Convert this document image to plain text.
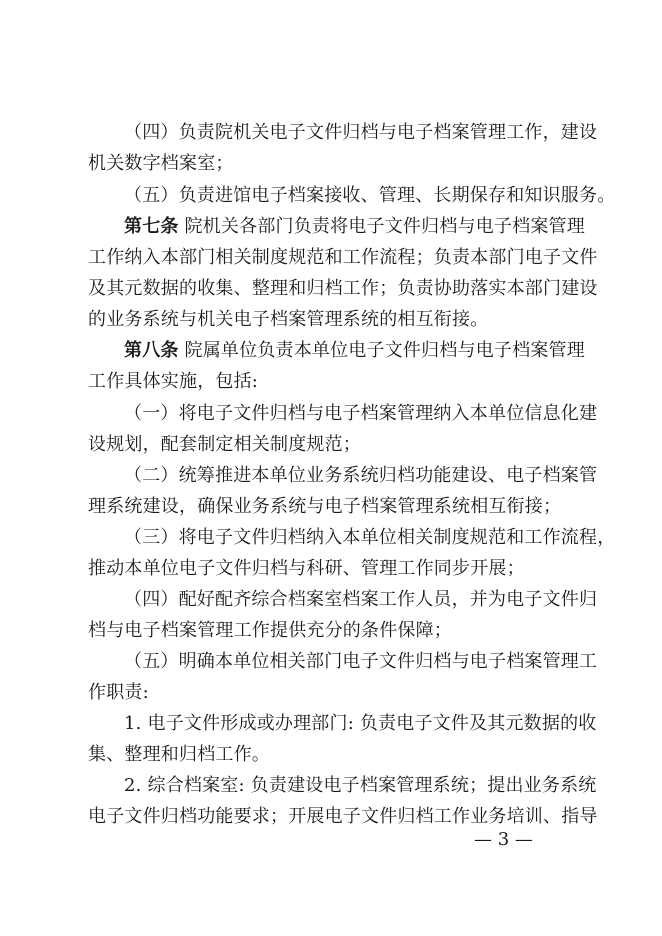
（四）负责院机关电子文件归档与电子档案管理工作，建设
机关数字档案室；
（五）负责进馆电子档案接收、管理、长期保存和知识服务。
第七条 院机关各部门负责将电子文件归档与电子档案管理
工作纳入本部门相关制度规范和工作流程；负责本部门电子文件
及其元数据的收集、整理和归档工作；负责协助落实本部门建设
的业务系统与机关电子档案管理系统的相互衔接。
第八条 院属单位负责本单位电子文件归档与电子档案管理
工作具体实施，包括:
（一）将电子文件归档与电子档案管理纳入本单位信息化建
设规划，配套制定相关制度规范；
（二）统筹推进本单位业务系统归档功能建设、电子档案管
理系统建设，确保业务系统与电子档案管理系统相互衔接；
（三）将电子文件归档纳入本单位相关制度规范和工作流程，
推动本单位电子文件归档与科研、管理工作同步开展；
（四）配好配齐综合档案室档案工作人员，并为电子文件归
档与电子档案管理工作提供充分的条件保障；
（五）明确本单位相关部门电子文件归档与电子档案管理工
作职责:
1. 电子文件形成或办理部门: 负责电子文件及其元数据的收
集、整理和归档工作。
2. 综合档案室: 负责建设电子档案管理系统；提出业务系统
电子文件归档功能要求；开展电子文件归档工作业务培训、指导
— 3 —
